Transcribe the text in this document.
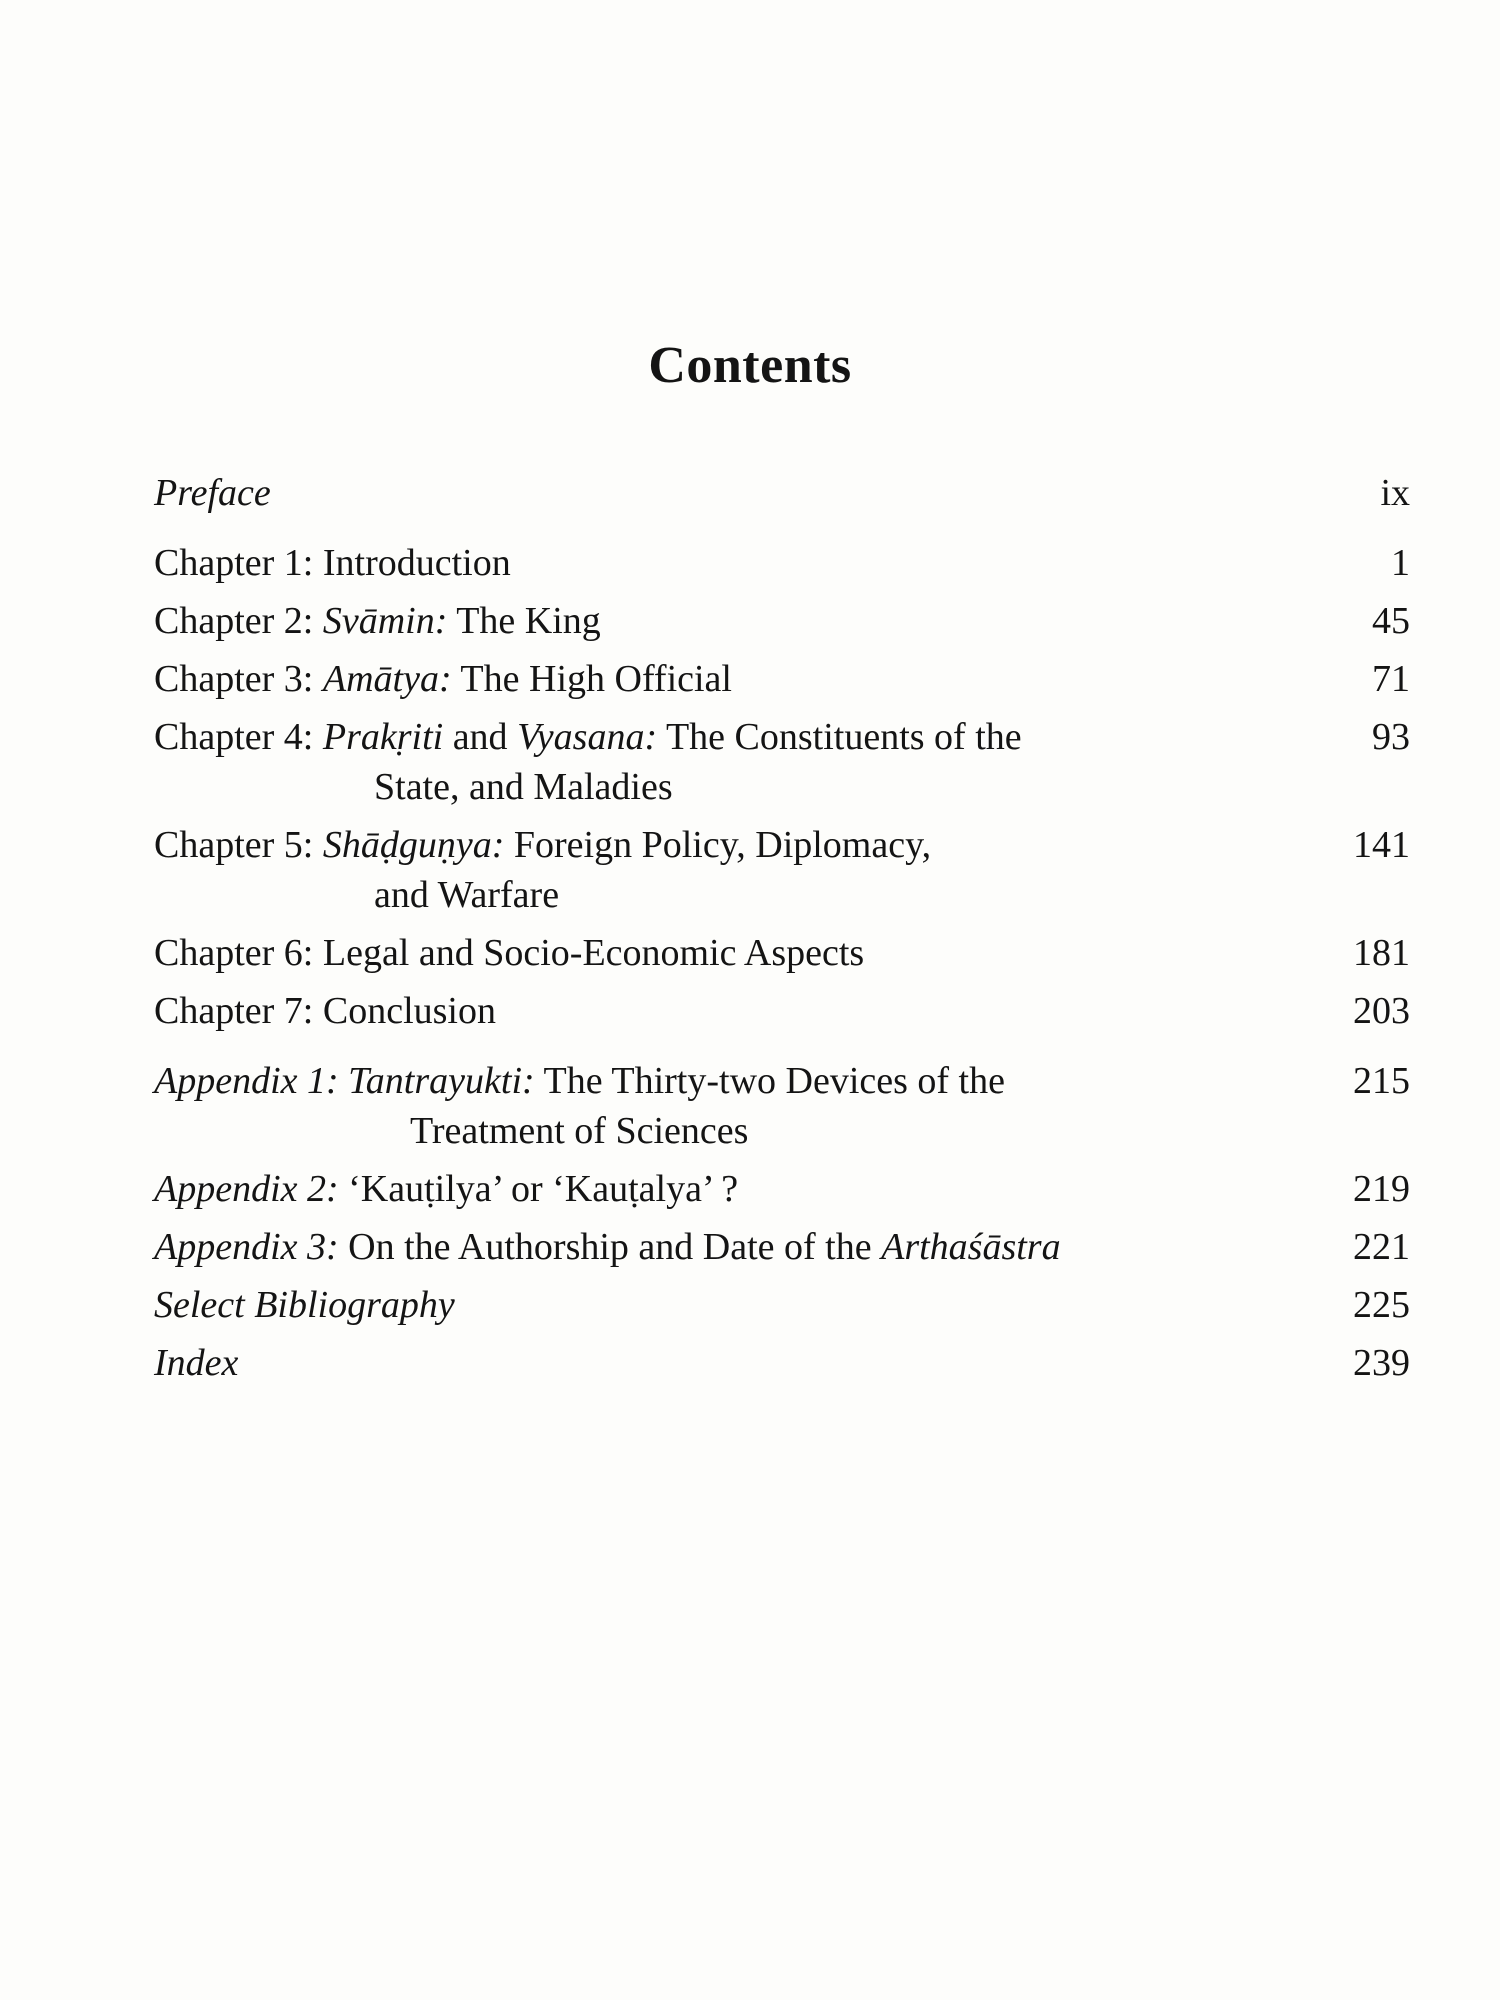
Contents
Preface	ix
Chapter 1: Introduction	1
Chapter 2: Svāmin: The King	45
Chapter 3: Amātya: The High Official	71
Chapter 4: Prakṛiti and Vyasana: The Constituents of the	93
State, and Maladies
Chapter 5: Shāḍguṇya: Foreign Policy, Diplomacy,	141
and Warfare
Chapter 6: Legal and Socio-Economic Aspects	181
Chapter 7: Conclusion	203
Appendix 1: Tantrayukti: The Thirty-two Devices of the	215
Treatment of Sciences
Appendix 2: ‘Kauṭilya’ or ‘Kauṭalya’ ?	219
Appendix 3: On the Authorship and Date of the Arthaśāstra	221
Select Bibliography	225
Index	239
